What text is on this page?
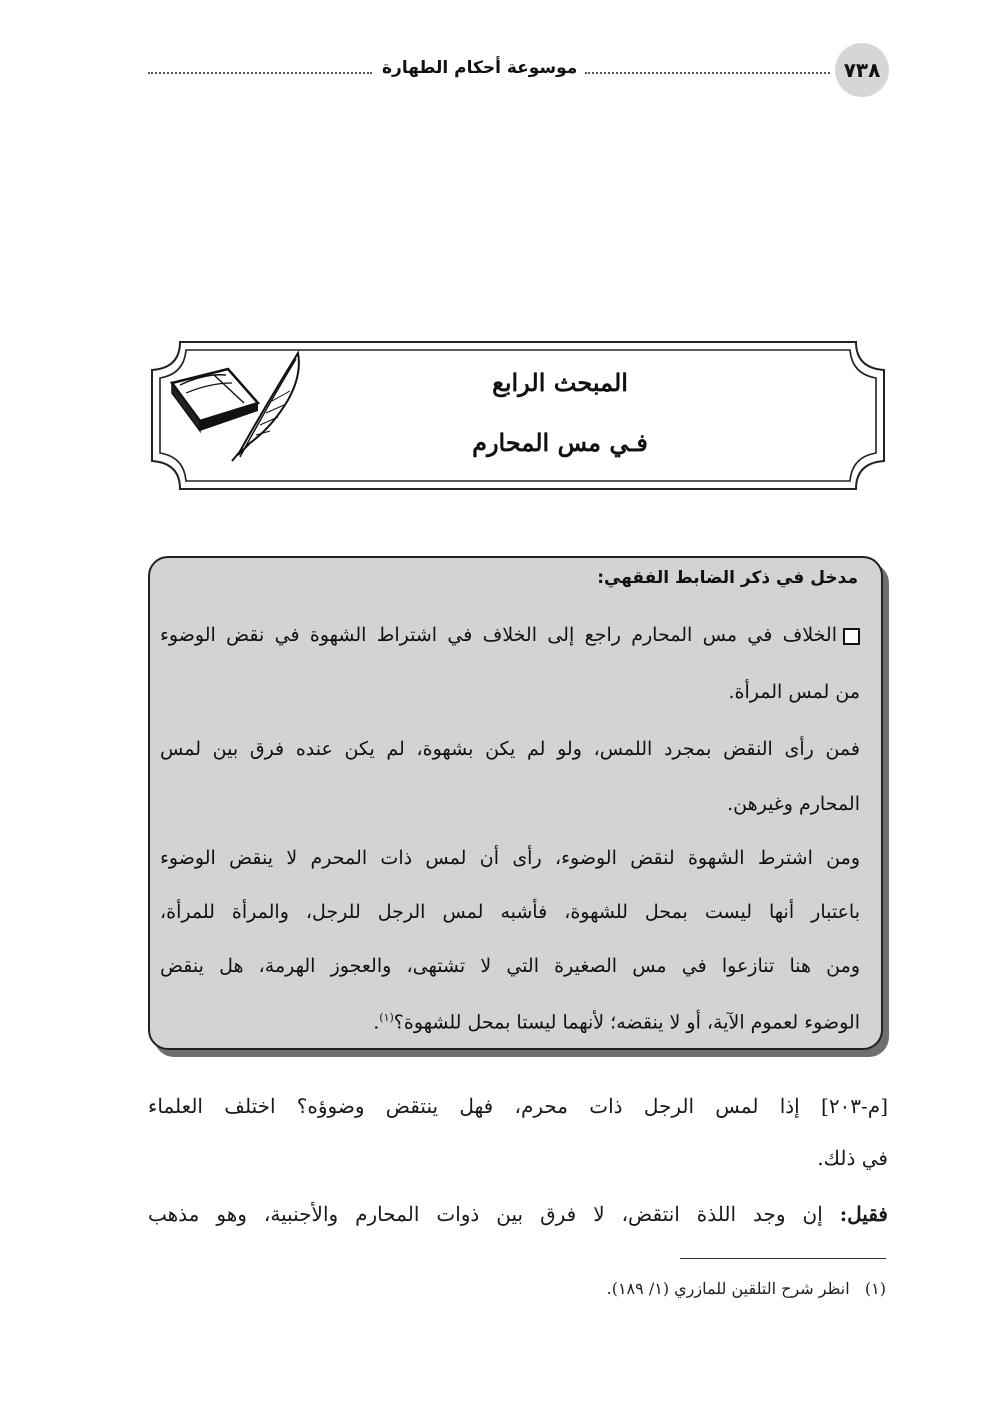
موسوعة أحكام الطهارة	٧٣٨
المبحث الرابع
فـي مس المحارم
مدخل في ذكر الضابط الفقهي:
الخلاف في مس المحارم راجع إلى الخلاف في اشتراط الشهوة في نقض الوضوء
من لمس المرأة.
فمن رأى النقض بمجرد اللمس، ولو لم يكن بشهوة، لم يكن عنده فرق بين لمس
المحارم وغيرهن.
ومن اشترط الشهوة لنقض الوضوء، رأى أن لمس ذات المحرم لا ينقض الوضوء
باعتبار أنها ليست بمحل للشهوة، فأشبه لمس الرجل للرجل، والمرأة للمرأة،
ومن هنا تنازعوا في مس الصغيرة التي لا تشتهى، والعجوز الهرمة، هل ينقض
الوضوء لعموم الآية، أو لا ينقضه؛ لأنهما ليستا بمحل للشهوة؟$^{(١)}$.
[م-٢٠٣] إذا لمس الرجل ذات محرم، فهل ينتقض وضوؤه؟ اختلف العلماء
في ذلك.
فقيل: إن وجد اللذة انتقض، لا فرق بين ذوات المحارم والأجنبية، وهو مذهب
(١)   انظر شرح التلقين للمازري (١/ ١٨٩).
